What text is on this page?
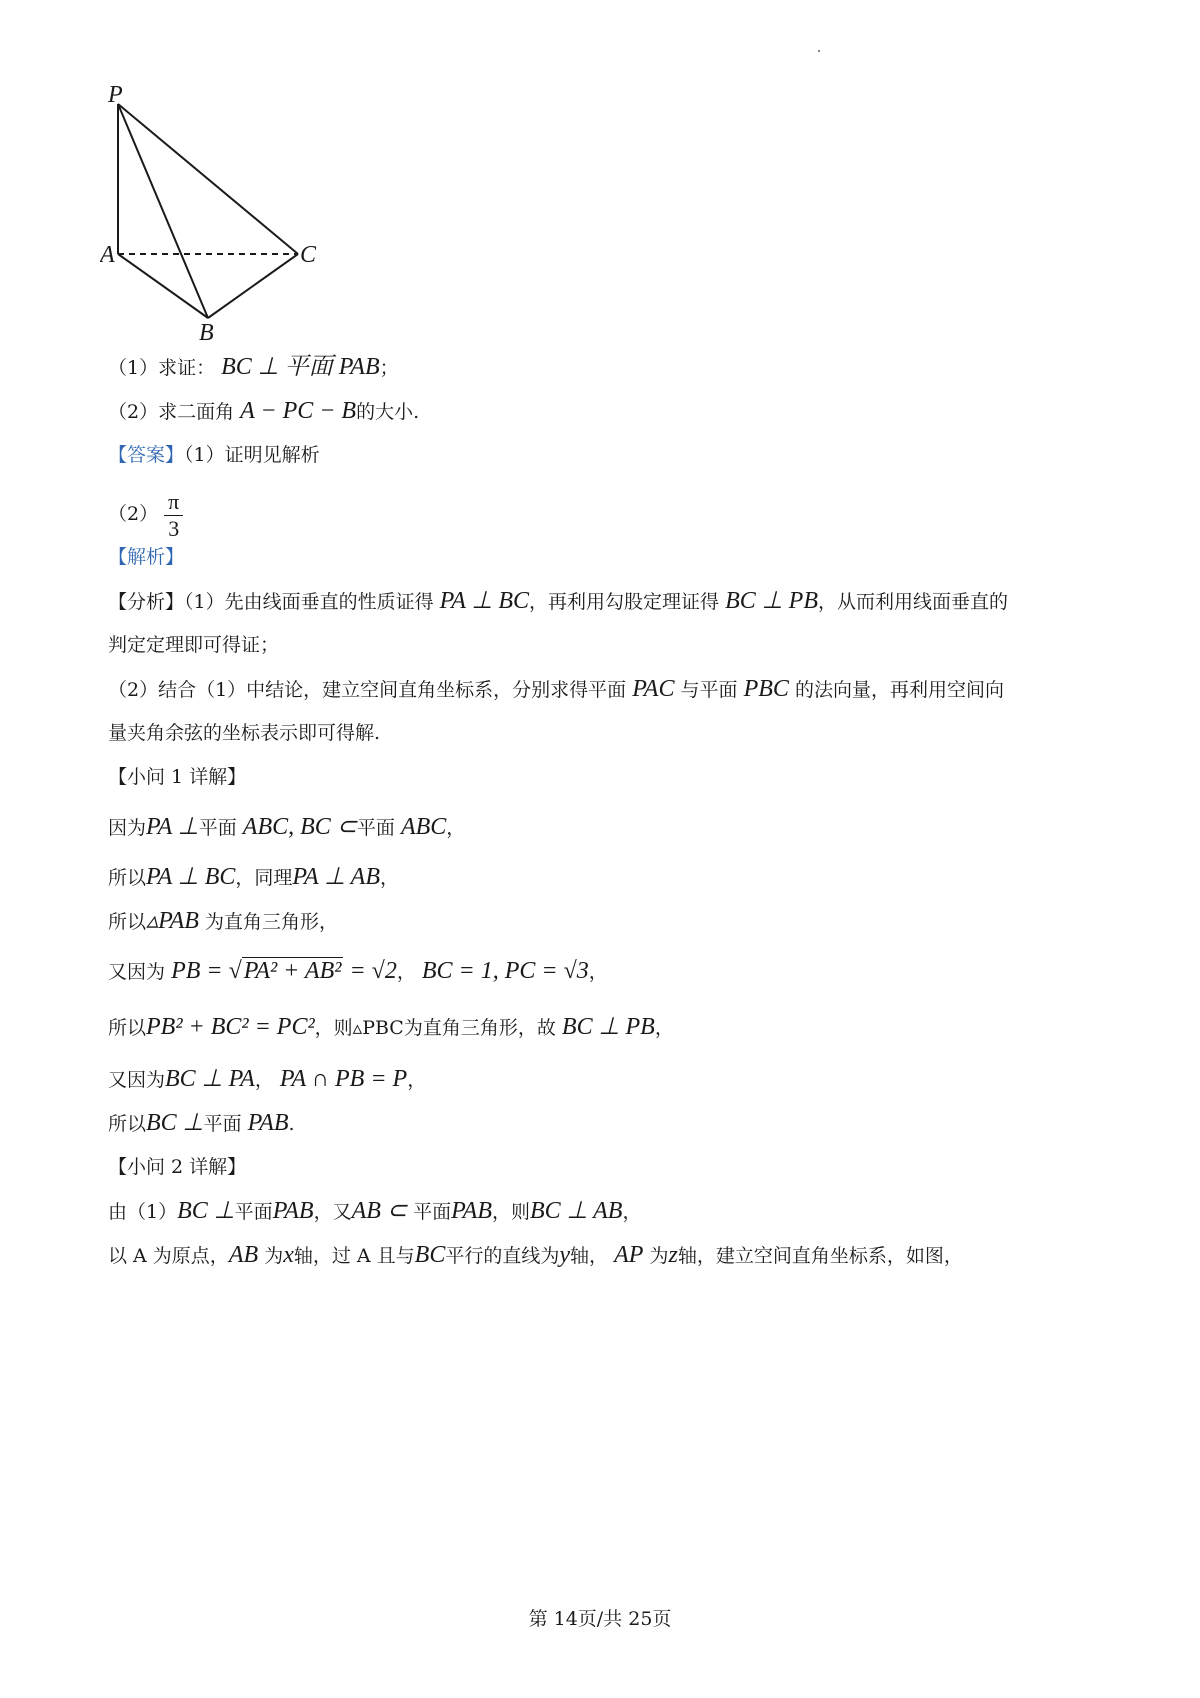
P
A	C
B
（1）求证： BC ⊥ 平面 PAB；
（2）求二面角 A − PC − B的大小.
【答案】（1）证明见解析
$(2) \frac{\pi}{3}$
【解析】
【分析】（1）先由线面垂直的性质证得 PA ⊥ BC，再利用勾股定理证得 BC ⊥ PB，从而利用线面垂直的
判定定理即可得证；
（2）结合（1）中结论，建立空间直角坐标系，分别求得平面 PAC 与平面 PBC 的法向量，再利用空间向
量夹角余弦的坐标表示即可得解.
【小问 1 详解】
因为PA ⊥平面 ABC, BC ⊂平面 ABC，
所以PA ⊥ BC，同理PA ⊥ AB，
所以▵PAB 为直角三角形，
又因为 PB = √PA² + AB² = √2， BC = 1, PC = √3，
所以PB² + BC² = PC²，则▵PBC为直角三角形，故 BC ⊥ PB，
又因为BC ⊥ PA， PA ∩ PB = P，
所以BC ⊥平面 PAB.
【小问 2 详解】
由（1）BC ⊥平面PAB，又AB ⊂ 平面PAB，则BC ⊥ AB，
以 A 为原点，AB 为x轴，过 A 且与BC平行的直线为y轴， AP 为z轴，建立空间直角坐标系，如图，
第 14页/共 25页
